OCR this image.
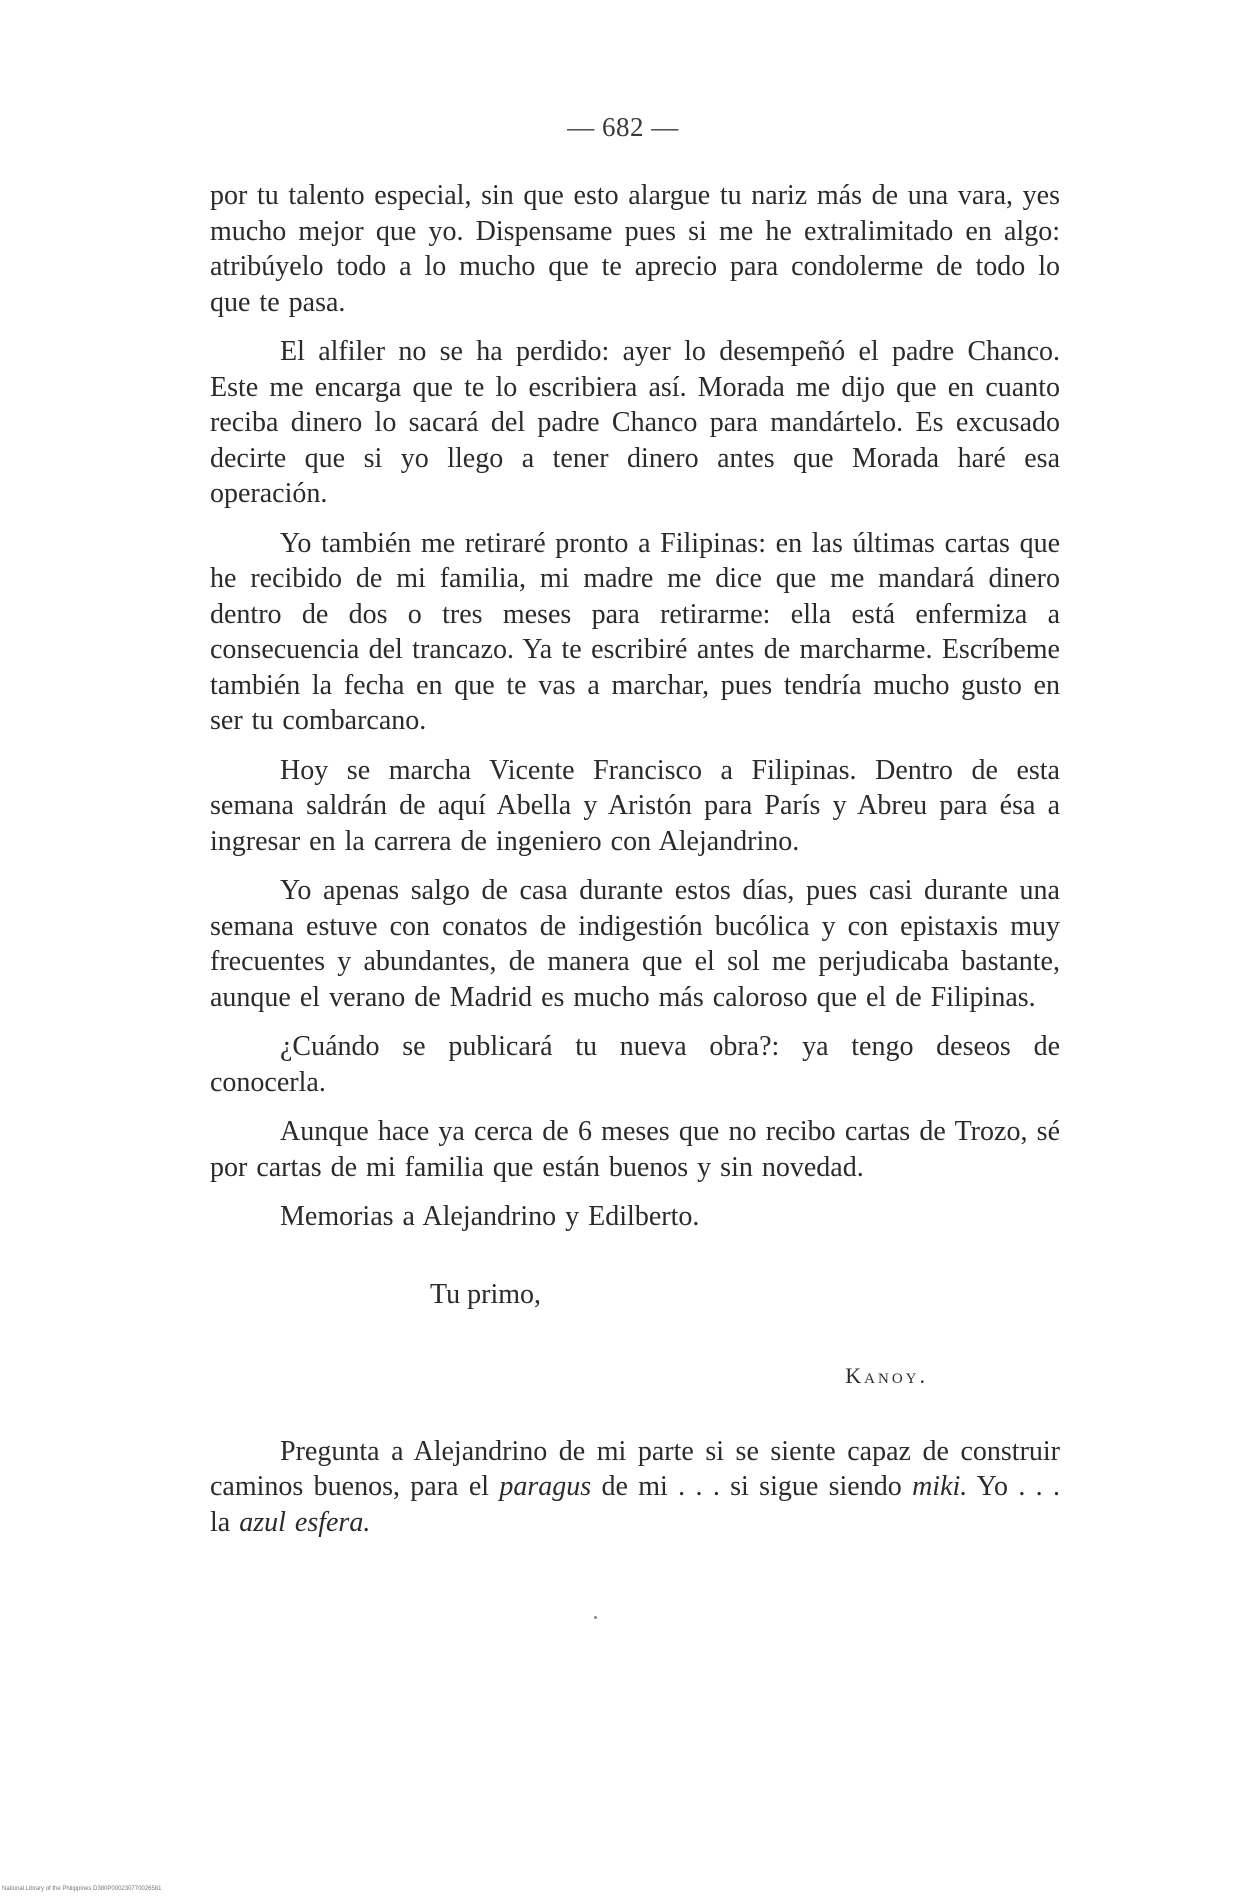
— 682 —

por tu talento especial, sin que esto alargue tu nariz más de una vara, yes mucho mejor que yo. Dispensame pues si me he extralimitado en algo: atribúyelo todo a lo mucho que te aprecio para condolerme de todo lo que te pasa.

El alfiler no se ha perdido: ayer lo desempeñó el padre Chanco. Este me encarga que te lo escribiera así. Morada me dijo que en cuanto reciba dinero lo sacará del padre Chanco para mandártelo. Es excusado decirte que si yo llego a tener dinero antes que Morada haré esa operación.

Yo también me retiraré pronto a Filipinas: en las últimas cartas que he recibido de mi familia, mi madre me dice que me mandará dinero dentro de dos o tres meses para retirarme: ella está enfermiza a consecuencia del trancazo. Ya te escribiré antes de marcharme. Escríbeme también la fecha en que te vas a marchar, pues tendría mucho gusto en ser tu combarcano.

Hoy se marcha Vicente Francisco a Filipinas. Dentro de esta semana saldrán de aquí Abella y Aristón para París y Abreu para ésa a ingresar en la carrera de ingeniero con Alejandrino.

Yo apenas salgo de casa durante estos días, pues casi durante una semana estuve con conatos de indigestión bucólica y con epistaxis muy frecuentes y abundantes, de manera que el sol me perjudicaba bastante, aunque el verano de Madrid es mucho más caloroso que el de Filipinas.

¿Cuándo se publicará tu nueva obra?: ya tengo deseos de conocerla.

Aunque hace ya cerca de 6 meses que no recibo cartas de Trozo, sé por cartas de mi familia que están buenos y sin novedad.

Memorias a Alejandrino y Edilberto.

Tu primo,

Kanoy.

Pregunta a Alejandrino de mi parte si se siente capaz de construir caminos buenos, para el paragus de mi . . . si sigue siendo miki. Yo . . . la azul esfera.

National Library of the Philippines D380P000230770026581
